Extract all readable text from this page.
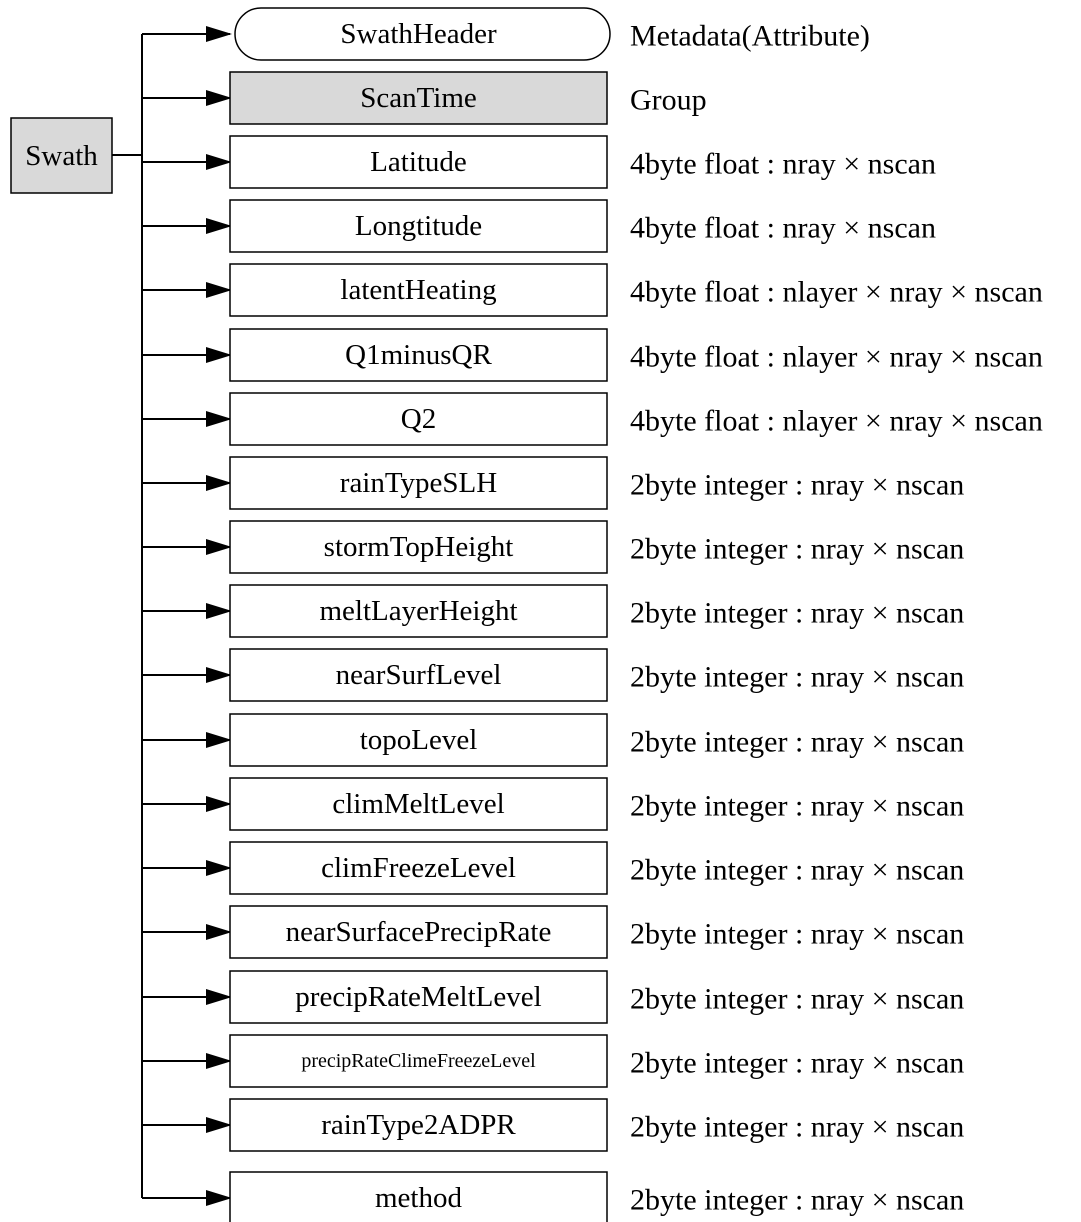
Swath
SwathHeader	Metadata(Attribute)
ScanTime	Group
Latitude	4byte float : nray × nscan
Longtitude	4byte float : nray × nscan
latentHeating	4byte float : nlayer × nray × nscan
Q1minusQR	4byte float : nlayer × nray × nscan
Q2	4byte float : nlayer × nray × nscan
rainTypeSLH	2byte integer : nray × nscan
stormTopHeight	2byte integer : nray × nscan
meltLayerHeight	2byte integer : nray × nscan
nearSurfLevel	2byte integer : nray × nscan
topoLevel	2byte integer : nray × nscan
climMeltLevel	2byte integer : nray × nscan
climFreezeLevel	2byte integer : nray × nscan
nearSurfacePrecipRate	2byte integer : nray × nscan
precipRateMeltLevel	2byte integer : nray × nscan
precipRateClimeFreezeLevel	2byte integer : nray × nscan
rainType2ADPR	2byte integer : nray × nscan
method	2byte integer : nray × nscan
